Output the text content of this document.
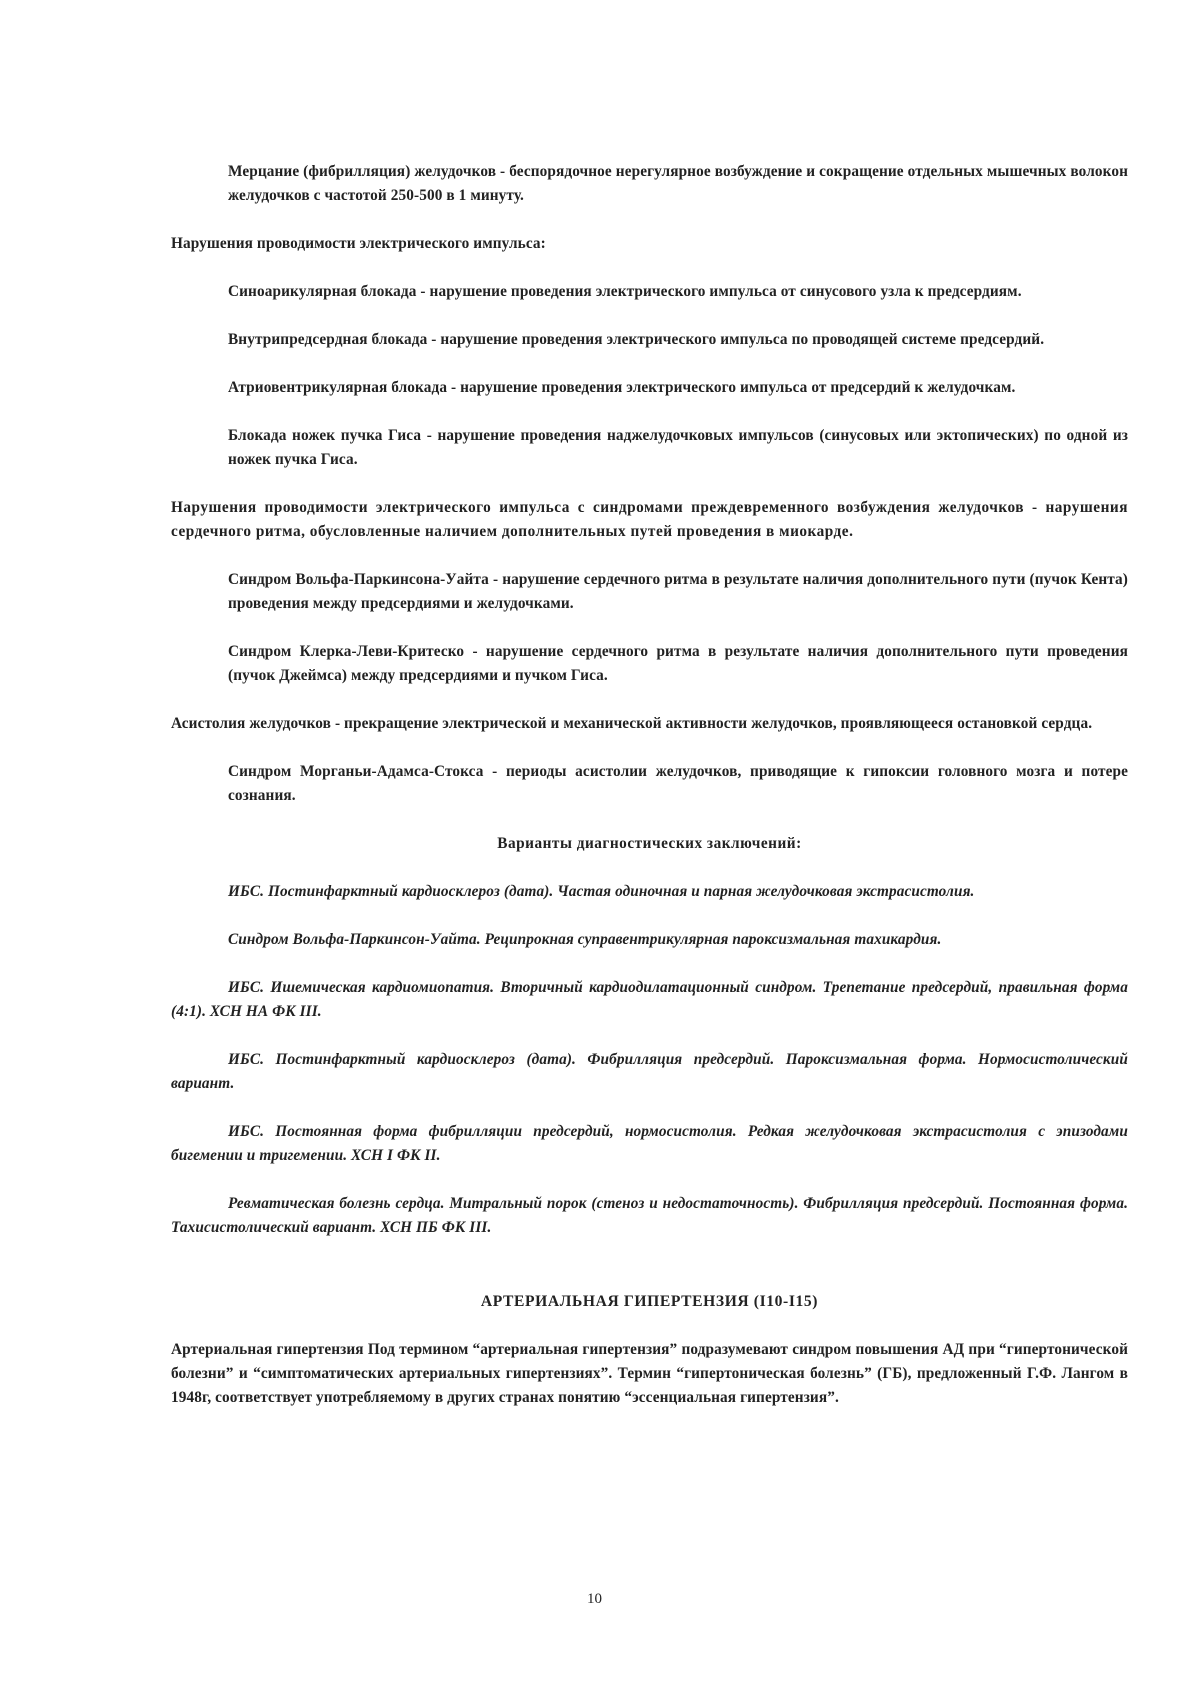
Мерцание (фибрилляция) желудочков - беспорядочное нерегулярное возбуждение и сокращение отдельных мышечных волокон желудочков с частотой 250-500 в 1 минуту.

Нарушения проводимости электрического импульса:

Синоарикулярная блокада - нарушение проведения электрического импульса от синусового узла к предсердиям.

Внутрипредсердная блокада - нарушение проведения электрического импульса по проводящей системе предсердий.

Атриовентрикулярная блокада - нарушение проведения электрического импульса от предсердий к желудочкам.

Блокада ножек пучка Гиса - нарушение проведения наджелудочковых импульсов (синусовых или эктопических) по одной из ножек пучка Гиса.

Нарушения проводимости электрического импульса с синдромами преждевременного возбуждения желудочков - нарушения сердечного ритма, обусловленные наличием дополнительных путей проведения в миокарде.

Синдром Вольфа-Паркинсона-Уайта - нарушение сердечного ритма в результате наличия дополнительного пути (пучок Кента) проведения между предсердиями и желудочками.

Синдром Клерка-Леви-Критеско - нарушение сердечного ритма в результате наличия дополнительного пути проведения (пучок Джеймса) между предсердиями и пучком Гиса.

Асистолия желудочков - прекращение электрической и механической активности желудочков, проявляющееся остановкой сердца.

Синдром Морганьи-Адамса-Стокса - периоды асистолии желудочков, приводящие к гипоксии головного мозга и потере сознания.

Варианты диагностических заключений:

ИБС. Постинфарктный кардиосклероз (дата). Частая одиночная и парная желудочковая экстрасистолия.

Синдром Вольфа-Паркинсон-Уайта. Реципрокная суправентрикулярная пароксизмальная тахикардия.

ИБС. Ишемическая кардиомиопатия. Вторичный кардиодилатационный синдром. Трепетание предсердий, правильная форма (4:1). ХСН НА ФК III.

ИБС. Постинфарктный кардиосклероз (дата). Фибрилляция предсердий. Пароксизмальная форма. Нормосистолический вариант.

ИБС. Постоянная форма фибрилляции предсердий, нормосистолия. Редкая желудочковая экстрасистолия с эпизодами бигемении и тригемении. ХСН I ФК II.

Ревматическая болезнь сердца. Митральный порок (стеноз и недостаточность). Фибрилляция предсердий. Постоянная форма. Тахисистолический вариант. ХСН ПБ ФК III.

АРТЕРИАЛЬНАЯ ГИПЕРТЕНЗИЯ (I10-I15)

Артериальная гипертензия Под термином “артериальная гипертензия” подразумевают синдром повышения АД при “гипертонической болезни” и “симптоматических артериальных гипертензиях”. Термин “гипертоническая болезнь” (ГБ), предложенный Г.Ф. Лангом в 1948г, соответствует употребляемому в других странах понятию “эссенциальная гипертензия”.

10
